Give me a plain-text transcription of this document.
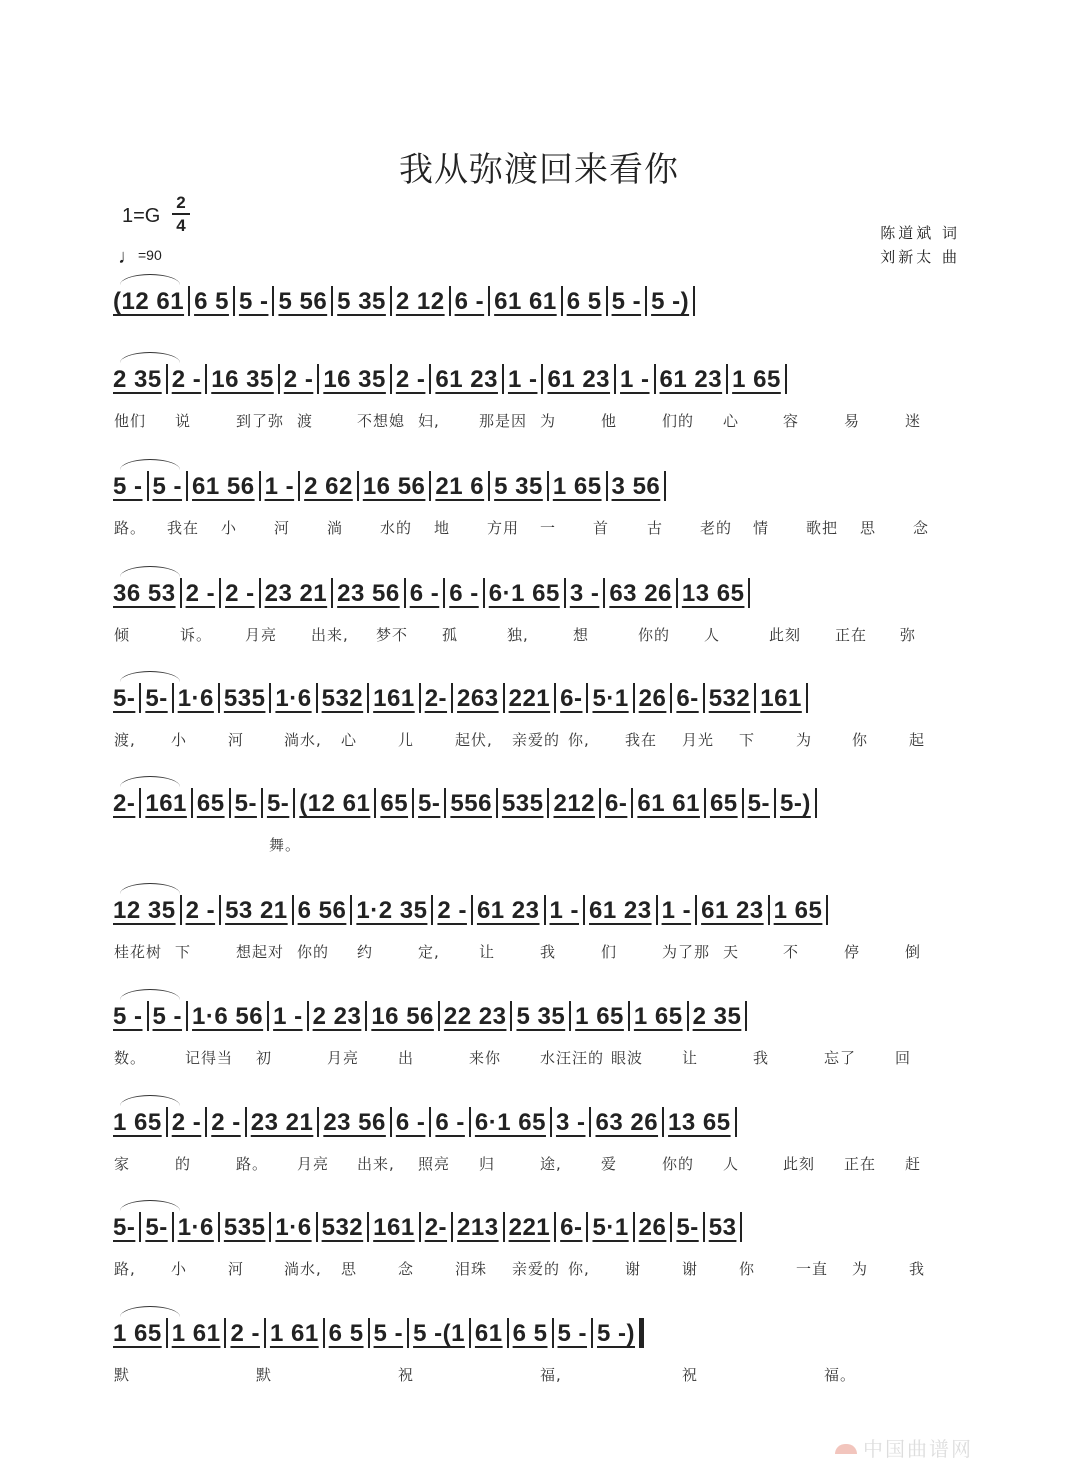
我从弥渡回来看你
1=G
2
4
♩=90
陈道斌 词
刘新太 曲
(12 61 6 5 5 - 5 56 5 35 2 12 6 - 61 61 6 5 5 - 5 -)
2 35 2 - 16 35 2 - 16 35 2 - 61 23 1 - 61 23 1 - 61 23 1 65
他们 说	到了弥 渡	不想媳 妇,	那是因 为	他	们的 心	容	易	迷
5 - 5 - 61 56 1 - 2 62 16 56 21 6 5 35 1 65 3 56
路。 我在 小 河 淌 水的 地 方用 一 首	古 老的 情 歌把 思 念
36 53 2 - 2 - 23 21 23 56 6 - 6 - 6·1 65 3 - 63 26 13 65
倾	诉。 月亮 出来, 梦不 孤	独,	想	你的 人	此刻 正在 弥
5- 5- 1·6 535 1·6 532 161 2- 263 221 6- 5·1 26 6- 532 161
渡, 小	河	淌水, 心	儿	起伏, 亲爱的 你, 我在 月光 下	为	你	起
2- 161 65 5- 5- (12 61 65 5- 556 535 212 6- 61 61 65 5- 5-)
舞。
12 35 2 - 53 21 6 56 1·2 35 2 - 61 23 1 - 61 23 1 - 61 23 1 65
桂花树 下	想起对 你的 约	定,	让	我	们	为了那 天	不	停	倒
5 - 5 - 1·6 56 1 - 2 23 16 56 22 23 5 35 1 65 1 65 2 35
数。	记得当 初	月亮	出	来你	水汪汪的 眼波	让	我	忘了	回
1 65 2 - 2 - 23 21 23 56 6 - 6 - 6·1 65 3 - 63 26 13 65
家	的	路。 月亮 出来, 照亮 归	途,	爱	你的 人	此刻 正在 赶
5- 5- 1·6 535 1·6 532 161 2- 213 221 6- 5·1 26 5- 53
路, 小	河	淌水, 思	念	泪珠 亲爱的 你, 谢	谢	你	一直 为	我
1 65 1 61 2 - 1 61 6 5 5 - 5 -(1 61 6 5 5 - 5 -)
默	默	祝	福,	祝	福。
中国曲谱网
